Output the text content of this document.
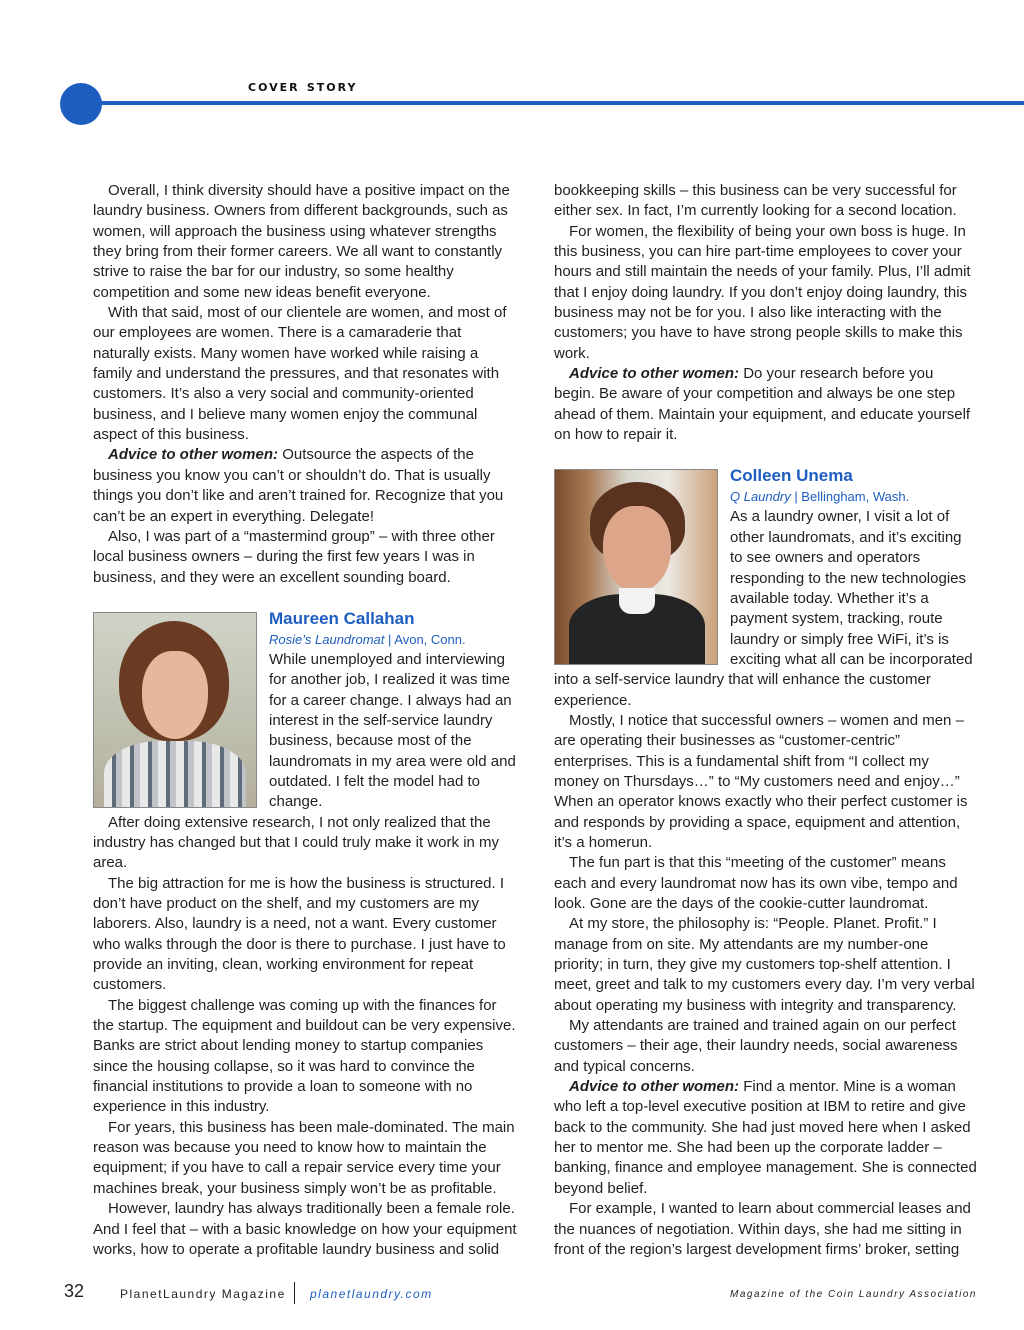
cover story

Overall, I think diversity should have a positive impact on the laundry business. Owners from different backgrounds, such as women, will approach the business using whatever strengths they bring from their former careers. We all want to constantly strive to raise the bar for our industry, so some healthy competition and some new ideas benefit everyone.

With that said, most of our clientele are women, and most of our employees are women. There is a camaraderie that naturally exists. Many women have worked while raising a family and understand the pressures, and that resonates with customers. It’s also a very social and community-oriented business, and I believe many women enjoy the communal aspect of this business.

Advice to other women: Outsource the aspects of the business you know you can’t or shouldn’t do. That is usually things you don’t like and aren’t trained for. Recognize that you can’t be an expert in everything. Delegate!

Also, I was part of a “mastermind group” – with three other local business owners – during the first few years I was in business, and they were an excellent sounding board.

Maureen Callahan

Rosie’s Laundromat | Avon, Conn.

While unemployed and interviewing for another job, I realized it was time for a career change. I always had an interest in the self-service laundry business, because most of the laundromats in my area were old and outdated. I felt the model had to change.

After doing extensive research, I not only realized that the industry has changed but that I could truly make it work in my area.

The big attraction for me is how the business is structured. I don’t have product on the shelf, and my customers are my laborers. Also, laundry is a need, not a want. Every customer who walks through the door is there to purchase. I just have to provide an inviting, clean, working environment for repeat customers.

The biggest challenge was coming up with the finances for the startup. The equipment and buildout can be very expensive. Banks are strict about lending money to startup companies since the housing collapse, so it was hard to convince the financial institutions to provide a loan to someone with no experience in this industry.

For years, this business has been male-dominated. The main reason was because you need to know how to maintain the equipment; if you have to call a repair service every time your machines break, your business simply won’t be as profitable.

However, laundry has always traditionally been a female role. And I feel that – with a basic knowledge on how your equipment works, how to operate a profitable laundry business and solid

bookkeeping skills – this business can be very successful for either sex. In fact, I’m currently looking for a second location.

For women, the flexibility of being your own boss is huge. In this business, you can hire part-time employees to cover your hours and still maintain the needs of your family. Plus, I’ll admit that I enjoy doing laundry. If you don’t enjoy doing laundry, this business may not be for you. I also like interacting with the customers; you have to have strong people skills to make this work.

Advice to other women: Do your research before you begin. Be aware of your competition and always be one step ahead of them. Maintain your equipment, and educate yourself on how to repair it.

Colleen Unema

Q Laundry | Bellingham, Wash.

As a laundry owner, I visit a lot of other laundromats, and it’s exciting to see owners and operators responding to the new technologies available today. Whether it’s a payment system, tracking, route laundry or simply free WiFi, it’s is exciting what all can be incorporated into a self-service laundry that will enhance the customer experience.

Mostly, I notice that successful owners – women and men – are operating their businesses as “customer-centric” enterprises. This is a fundamental shift from “I collect my money on Thursdays…” to “My customers need and enjoy…” When an operator knows exactly who their perfect customer is and responds by providing a space, equipment and attention, it’s a homerun.

The fun part is that this “meeting of the customer” means each and every laundromat now has its own vibe, tempo and look. Gone are the days of the cookie-cutter laundromat.

At my store, the philosophy is: “People. Planet. Profit.” I manage from on site. My attendants are my number-one priority; in turn, they give my customers top-shelf attention. I meet, greet and talk to my customers every day. I’m very verbal about operating my business with integrity and transparency.

My attendants are trained and trained again on our perfect customers – their age, their laundry needs, social awareness and typical concerns.

Advice to other women: Find a mentor. Mine is a woman who left a top-level executive position at IBM to retire and give back to the community. She had just moved here when I asked her to mentor me. She had been up the corporate ladder – banking, finance and employee management. She is connected beyond belief.

For example, I wanted to learn about commercial leases and the nuances of negotiation. Within days, she had me sitting in front of the region’s largest development firms’ broker, setting

32	PlanetLaundry Magazine planetlaundry.com	Magazine of the Coin Laundry Association
